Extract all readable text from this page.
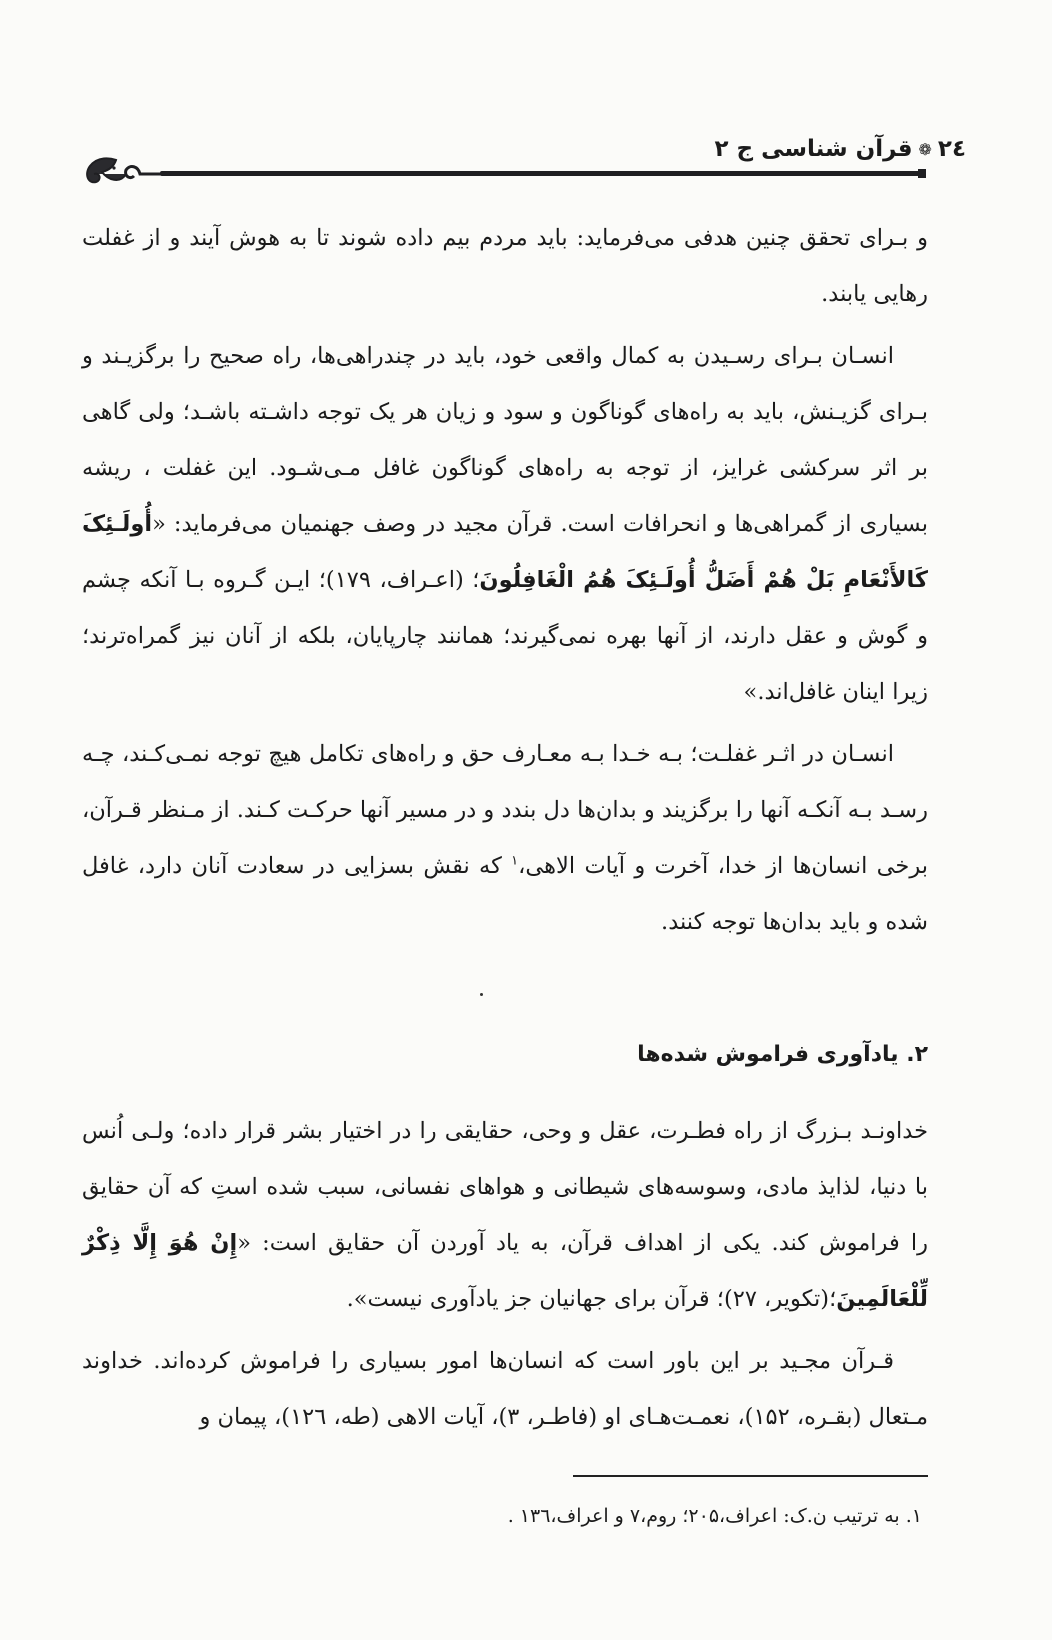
۲٤
❁
قرآن شناسی ج ۲

و بـرای تحقق چنین هدفی می‌فرماید: باید مردم بیم داده شوند تا به هوش آیند و از غفلت رهایی یابند.

انسـان بـرای رسـیدن به کمال واقعی خود، باید در چندراهی‌ها، راه صحیح را برگزیـند و بـرای گزیـنش، باید به راه‌های گوناگون و سود و زیان هر یک توجه داشـته باشـد؛ ولی گاهی بر اثر سرکشی غرایز، از توجه به راه‌های گوناگون غافل مـی‌شـود. این غفلت ، ریشه بسیاری از گمراهی‌ها و انحرافات است. قرآن مجید در وصف جهنمیان می‌فرماید: «أُولَـئِکَ كَالأَنْعَامِ بَلْ هُمْ أَضَلُّ أُولَـئِکَ هُمُ الْغَافِلُونَ؛ (اعـراف، ۱۷۹)؛ ایـن گـروه بـا آنکه چشم و گوش و عقل دارند، از آنها بهره نمی‌گیرند؛ همانند چارپایان، بلکه از آنان نیز گمراه‌ترند؛ زیرا اینان غافل‌اند.»

انسـان در اثـر غفلـت؛ بـه خـدا بـه معـارف حق و راه‌های تکامل هیچ توجه نمـی‌کـند، چـه رسـد بـه آنکـه آنها را برگزیند و بدان‌ها دل بندد و در مسیر آنها حرکـت کـند. از مـنظر قـرآن، برخی انسان‌ها از خدا، آخرت و آیات الاهی،$^۱$ که نقش بسزایی در سعادت آنان دارد، غافل شده و باید بدان‌ها توجه کنند.

۲. یادآوری فراموش شده‌ها

خداونـد بـزرگ از راه فطـرت، عقل و وحی، حقایقی را در اختیار بشر قرار داده؛ ولـی اُنس با دنیا، لذایذ مادی، وسوسه‌های شیطانی و هواهای نفسانی، سبب شده استِ که آن حقایق را فراموش کند. یکی از اهداف قرآن، به یاد آوردن آن حقایق است: «إِنْ هُوَ إِلَّا ذِكْرٌ لِّلْعَالَمِينَ؛(تکویر، ۲۷)؛ قرآن برای جهانیان جز یادآوری نیست».

قـرآن مجـید بر این باور است که انسان‌ها امور بسیاری را فراموش کرده‌اند. خداوند مـتعال (بقـره، ۱۵۲)، نعمـت‌هـای او (فاطـر، ۳)، آیات الاهی (طه، ۱۲٦)، پیمان و

۱. به ترتیب ن.ک: اعراف،۲۰۵؛ روم،۷ و اعراف،۱۳٦ .
